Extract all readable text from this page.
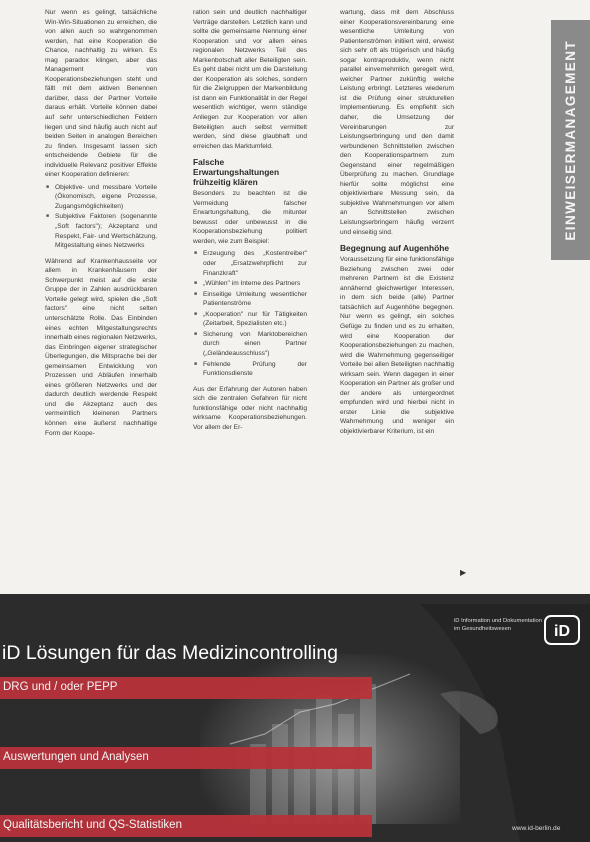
Nur wenn es gelingt, tatsächliche Win-Win-Situationen zu erreichen, die von allen auch so wahrgenommen werden, hat eine Kooperation die Chance, nachhaltig zu wirken. Es mag paradox klingen, aber das Management von Kooperationsbeziehungen steht und fällt mit dem aktiven Benennen darüber, dass der Partner Vorteile daraus erhält. Vorteile können dabei auf sehr unterschiedlichen Feldern liegen und sind häufig auch nicht auf beiden Seiten in analogen Bereichen zu finden. Insgesamt lassen sich entscheidende Gebiete für die individuelle Relevanz positiver Effekte einer Kooperation definieren:

■ Objektive- und messbare Vorteile (Ökonomisch, eigene Prozesse, Zugangsmöglichkeiten)
■ Subjektive Faktoren (sogenannte „Soft factors"); Akzeptanz und Respekt, Fair- und Wertschätzung, Mitgestaltung eines Netzwerks

Während auf Krankenhausseite vor allem in Krankenhäusern der Schwerpunkt meist auf die erste Gruppe der in Zahlen ausdrückbaren Vorteile gelegt wird, spielen die „Soft factors" eine nicht selten unterschätzte Rolle. Das Einbinden eines echten Mitgestaltungsrechts innerhalb eines regionalen Netzwerks, das Einbringen eigener strategischer Überlegungen, die Mitsprache bei der gemeinsamen Entwicklung von Prozessen und Abläufen innerhalb eines größeren Netzwerks und der dadurch deutlich werdende Respekt und die Akzeptanz auch des vermeintlich kleineren Partners können eine äußerst nachhaltige Form der Koope-

ration sein und deutlich nachhaltiger Verträge darstellen. Letztlich kann und sollte die gemeinsame Nennung einer Kooperation und vor allem eines regionalen Netzwerks Teil des Markenbotschaft aller Beteiligten sein. Es geht dabei nicht um die Darstellung der Kooperation als solches, sondern für die Zielgruppen der Markenbildung ist dann ein Funktionalität in der Regel wesentlich wichtiger, wenn ständige Anliegen zur Kooperation vor allen Beteiligten auch selbst vermittelt werden, sind diese glaubhaft und erreichen das Marktumfeld.

Falsche Erwartungshaltungen frühzeitig klären

Besonders zu beachten ist die Vermeidung falscher Erwartungshaltung, die mitunter bewusst oder unbewusst in die Kooperationsbeziehung politiert werden, wie zum Beispiel:

■ Erzeugung des „Kostentreiber" oder „Ersatzwehrpflicht zur Finanzkraft"
■ „Wühlen" im Interne des Partners
■ Einseitige Umleitung wesentlicher Patientenströme
■ „Kooperation" nur für Tätigkeiten (Zeitarbeit, Spezialisten etc.)
■ Sicherung von Marktobereichen durch einen Partner („Geländeausschluss")
■ Fehlende Prüfung der Funktionsdienste

Aus der Erfahrung der Autoren haben sich die zentralen Gefahren für nicht funktionsfähige oder nicht nachhaltig wirksame Kooperationsbeziehungen. Vor allem der Er-

wartung, dass mit dem Abschluss einer Kooperationsvereinbarung eine wesentliche Umleitung von Patientenströmen initiiert wird, erweist sich sehr oft als trügerisch und häufig sogar kontraproduktiv, wenn nicht parallel einvernehmlich geregelt wird, welcher Partner zukünftig welche Leistung erbringt. Letzteres wiederum ist die Prüfung einer strukturellen Implementierung. Es empfiehlt sich daher, die Umsetzung der Vereinbarungen zur Leistungserbringung und den damit verbundenen Schnittstellen zwischen den Kooperationspartnern zum Gegenstand einer regelmäßigen Überprüfung zu machen. Grundlage hierfür sollte möglichst eine objektivierbare Messung sein, da subjektive Wahrnehmungen vor allem an Schnittstellen zwischen Leistungserbringern häufig verzerrt und einseitig sind.

Begegnung auf Augenhöhe

Voraussetzung für eine funktionsfähige Beziehung zwischen zwei oder mehreren Partnern ist die Existenz annähernd gleichwertiger Interessen, in dem sich beide (alle) Partner tatsächlich auf Augenhöhe begegnen. Nur wenn es gelingt, ein solches Gefüge zu finden und es zu erhalten, wird eine Kooperation der Kooperationsbeziehungen zu machen, wird die Wahrnehmung gegenseitiger Vorteile bei allen Beteiligten nachhaltig wirksam sein. Wenn dagegen in einer Kooperation ein Partner als großer und der andere als untergeordnet empfunden wird und hierbei nicht in erster Linie die subjektive Wahrnehmung und weniger ein objektivierbarer Kriterium, ist ein

▶
EINWEISERMANAGEMENT
iD Lösungen für das Medizincontrolling
DRG und / oder PEPP
Auswertungen und Analysen
Qualitätsbericht und QS-Statistiken
iD Information und Dokumentation im Gesundheitswesen	iD
www.id-berlin.de
